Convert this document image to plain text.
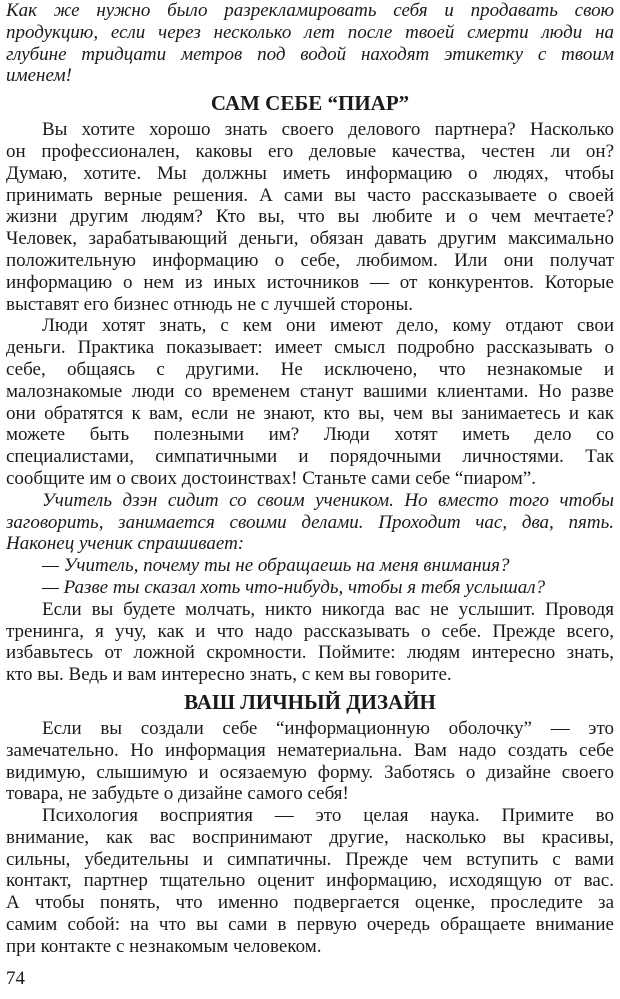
Как же нужно было разрекламировать себя и продавать свою
продукцию, если через несколько лет после твоей смерти люди на
глубине тридцати метров под водой находят этикетку с твоим
именем!
САМ СЕБЕ “ПИАР”
Вы хотите хорошо знать своего делового партнера? Насколько
он профессионален, каковы его деловые качества, честен ли он?
Думаю, хотите. Мы должны иметь информацию о людях, чтобы
принимать верные решения. А сами вы часто рассказываете о своей
жизни другим людям? Кто вы, что вы любите и о чем мечтаете?
Человек, зарабатывающий деньги, обязан давать другим максимально
положительную информацию о себе, любимом. Или они получат
информацию о нем из иных источников — от конкурентов. Которые
выставят его бизнес отнюдь не с лучшей стороны.
Люди хотят знать, с кем они имеют дело, кому отдают свои
деньги. Практика показывает: имеет смысл подробно рассказывать о
себе, общаясь с другими. Не исключено, что незнакомые и
малознакомые люди со временем станут вашими клиентами. Но разве
они обратятся к вам, если не знают, кто вы, чем вы занимаетесь и как
можете быть полезными им? Люди хотят иметь дело со
специалистами, симпатичными и порядочными личностями. Так
сообщите им о своих достоинствах! Станьте сами себе “пиаром”.
Учитель дзэн сидит со своим учеником. Но вместо того чтобы
заговорить, занимается своими делами. Проходит час, два, пять.
Наконец ученик спрашивает:
— Учитель, почему ты не обращаешь на меня внимания?
— Разве ты сказал хоть что-нибудь, чтобы я тебя услышал?
Если вы будете молчать, никто никогда вас не услышит. Проводя
тренинга, я учу, как и что надо рассказывать о себе. Прежде всего,
избавьтесь от ложной скромности. Поймите: людям интересно знать,
кто вы. Ведь и вам интересно знать, с кем вы говорите.
ВАШ ЛИЧНЫЙ ДИЗАЙН
Если вы создали себе “информационную оболочку” — это
замечательно. Но информация нематериальна. Вам надо создать себе
видимую, слышимую и осязаемую форму. Заботясь о дизайне своего
товара, не забудьте о дизайне самого себя!
Психология восприятия — это целая наука. Примите во
внимание, как вас воспринимают другие, насколько вы красивы,
сильны, убедительны и симпатичны. Прежде чем вступить с вами
контакт, партнер тщательно оценит информацию, исходящую от вас.
А чтобы понять, что именно подвергается оценке, проследите за
самим собой: на что вы сами в первую очередь обращаете внимание
при контакте с незнакомым человеком.
74
